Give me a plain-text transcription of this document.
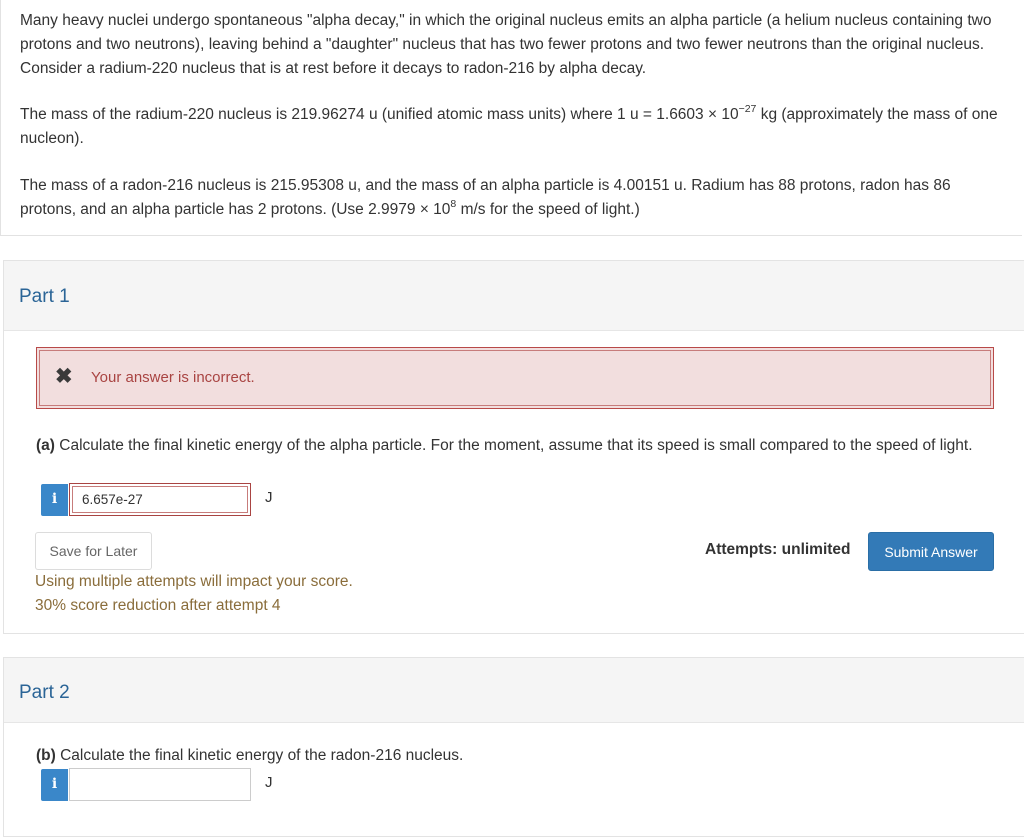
Many heavy nuclei undergo spontaneous "alpha decay," in which the original nucleus emits an alpha particle (a helium nucleus containing two protons and two neutrons), leaving behind a "daughter" nucleus that has two fewer protons and two fewer neutrons than the original nucleus. Consider a radium-220 nucleus that is at rest before it decays to radon-216 by alpha decay.

The mass of the radium-220 nucleus is 219.96274 u (unified atomic mass units) where 1 $u = 1.6603 \times 10^{-27}$ kg (approximately the mass of one nucleon).

The mass of a radon-216 nucleus is 215.95308 u, and the mass of an alpha particle is 4.00151 u. Radium has 88 protons, radon has 86 protons, and an alpha particle has 2 protons. (Use $2.9979 \times 10^8$ m/s for the speed of light.)

Part 1
✖ Your answer is incorrect.
(a) Calculate the final kinetic energy of the alpha particle. For the moment, assume that its speed is small compared to the speed of light.
i
6.657e-27	J
Save for Later	Attempts: unlimited	Submit Answer
Using multiple attempts will impact your score.
30% score reduction after attempt 4
Part 2
(b) Calculate the final kinetic energy of the radon-216 nucleus.
i	J
